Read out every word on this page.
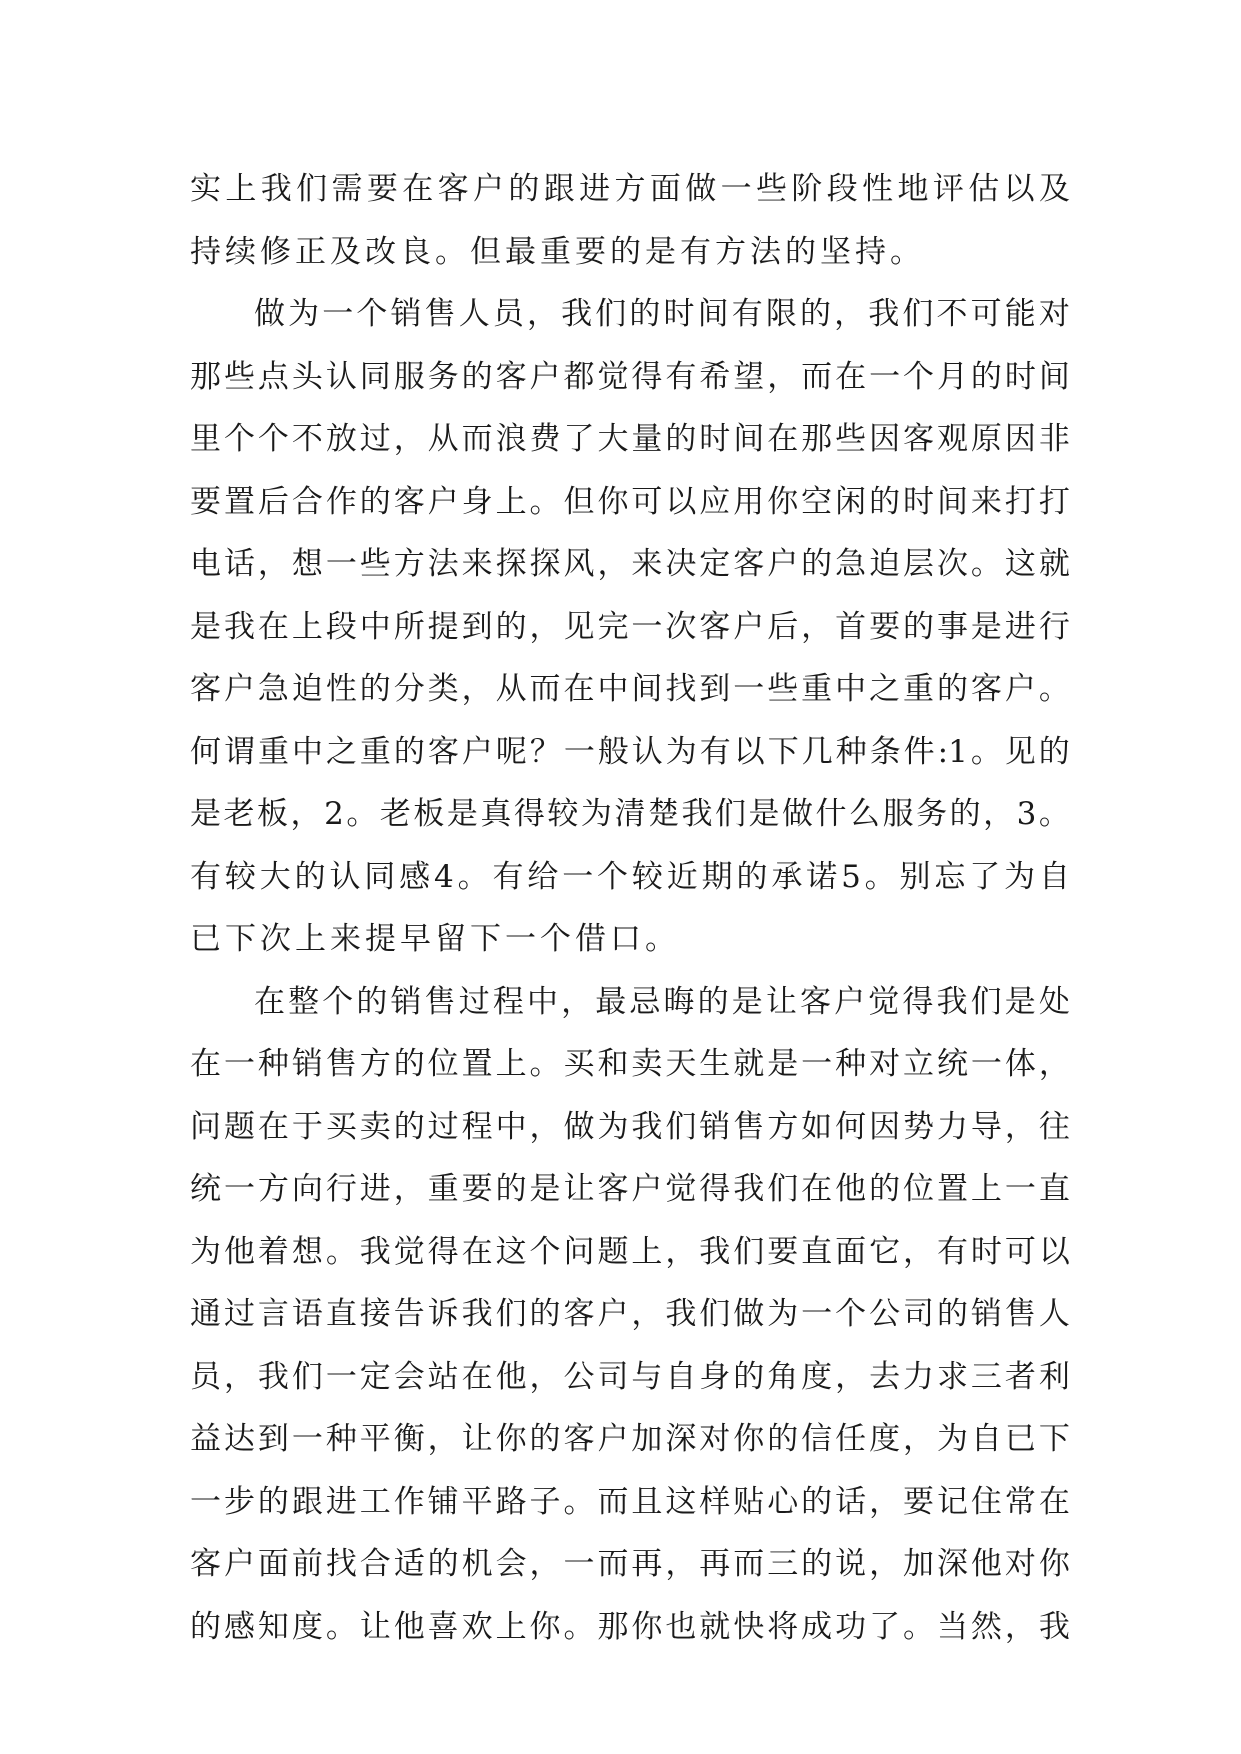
实 上 我 们 需 要 在 客 户 的 跟 进 方 面 做 一 些 阶 段 性 地 评 估 以 及
持续修正及改良。但最重要的是有方法的坚持。
做 为 一 个 销 售 人 员 ， 我 们 的 时 间 有 限 的 ， 我 们 不 可 能 对
那 些 点 头 认 同 服 务 的 客 户 都 觉 得 有 希 望 ， 而 在 一 个 月 的 时 间
里 个 个 不 放 过 ， 从 而 浪 费 了 大 量 的 时 间 在 那 些 因 客 观 原 因 非
要 置 后 合 作 的 客 户 身 上 。 但 你 可 以 应 用 你 空 闲 的 时 间 来 打 打
电 话 ， 想 一 些 方 法 来 探 探 风 ， 来 决 定 客 户 的 急 迫 层 次 。 这 就
是 我 在 上 段 中 所 提 到 的 ， 见 完 一 次 客 户 后 ， 首 要 的 事 是 进 行
客 户 急 迫 性 的 分 类 ， 从 而 在 中 间 找 到 一 些 重 中 之 重 的 客 户 。
何 谓 重 中 之 重 的 客 户 呢 ？ 一 般 认 为 有 以 下 几 种 条 件 :1 。 见 的
是 老 板 ， 2 。 老 板 是 真 得 较 为 清 楚 我 们 是 做 什 么 服 务 的 ， 3 。
有 较 大 的 认 同 感 4 。 有 给 一 个 较 近 期 的 承 诺 5 。 别 忘 了 为 自
已下次上来提早留下一个借口。
在 整 个 的 销 售 过 程 中 ， 最 忌 晦 的 是 让 客 户 觉 得 我 们 是 处
在 一 种 销 售 方 的 位 置 上 。 买 和 卖 天 生 就 是 一 种 对 立 统 一 体 ，
问 题 在 于 买 卖 的 过 程 中 ， 做 为 我 们 销 售 方 如 何 因 势 力 导 ， 往
统 一 方 向 行 进 ， 重 要 的 是 让 客 户 觉 得 我 们 在 他 的 位 置 上 一 直
为 他 着 想 。 我 觉 得 在 这 个 问 题 上 ， 我 们 要 直 面 它 ， 有 时 可 以
通 过 言 语 直 接 告 诉 我 们 的 客 户 ， 我 们 做 为 一 个 公 司 的 销 售 人
员 ， 我 们 一 定 会 站 在 他 ， 公 司 与 自 身 的 角 度 ， 去 力 求 三 者 利
益 达 到 一 种 平 衡 ， 让 你 的 客 户 加 深 对 你 的 信 任 度 ， 为 自 已 下
一 步 的 跟 进 工 作 铺 平 路 子 。 而 且 这 样 贴 心 的 话 ， 要 记 住 常 在
客 户 面 前 找 合 适 的 机 会 ， 一 而 再 ， 再 而 三 的 说 ， 加 深 他 对 你
的 感 知 度 。 让 他 喜 欢 上 你 。 那 你 也 就 快 将 成 功 了 。 当 然 ， 我
